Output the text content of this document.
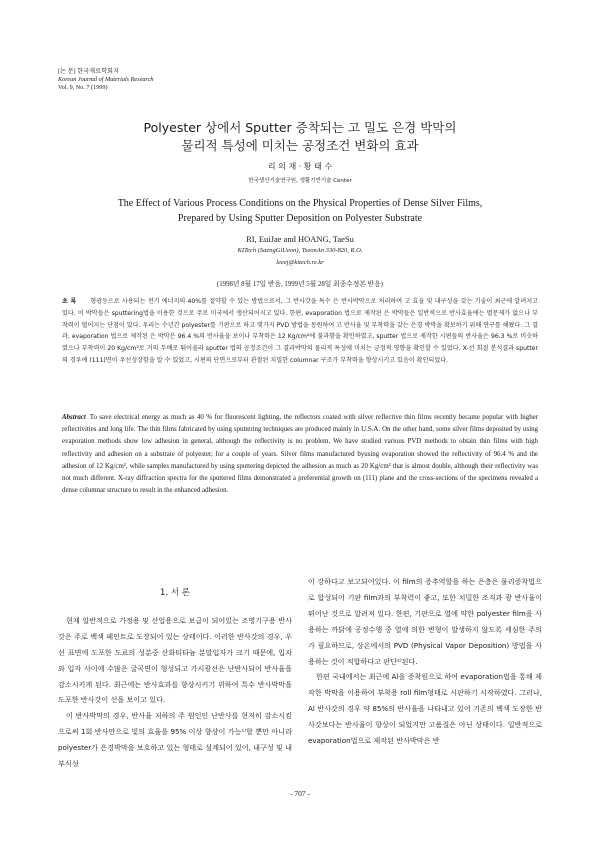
[논 문] 한국재료학회지
Korean Journal of Materials Research
Vol. 9, No. 7 (1999)
Polyester 상에서 Sputter 증착되는 고 밀도 은경 박막의
물리적 특성에 미치는 공정조건 변화의 효과
리 의 재 · 황 태 수
한국생산기술연구원, 생활기반기술 Center
The Effect of Various Process Conditions on the Physical Properties of Dense Silver Films,
Prepared by Using Sputter Deposition on Polyester Substrate
RI, EuiJae and HOANG, TaeSu
KITech (SaengGiUeon), TseonAn 330-820, R.O.
leeej@kitech.re.kr
(1998년 8월 17일 받음, 1999년 5월 28일 최종수정본 받음)
초 록 형광등으로 사용되는 전기 에너지의 40%를 절약할 수 있는 방법으로서, 그 반사갓을 특수 은 반사박막으로 처리하여 고 효율 및 내구성을 갖는 기술이 최근에 알려지고 있다. 이 박막들은 sputtering법을 이용한 것으로 주로 미국에서 생산되어지고 있다. 한편, evaporation 법으로 제작된 은 박막들은 일반적으로 반사효율에는 별문제가 없으나 부착력이 떨어지는 단점이 있다. 우리는 수년간 polyester를 기판으로 하고 몇가지 PVD 방법을 동원하여 고 반사율 및 부착력을 갖는 은경 박막을 확보하기 위해 연구를 해왔다. 그 결과, evaporation 법으로 제작된 은 박막은 96.4 %의 반사율을 보이나 부착력은 12 Kg/cm²에 불과함을 확인하였고, sputter 법으로 제작한 시편들의 반사율은 96.3 %로 비슷하였으나 부착력이 20 Kg/cm²로 거의 두배로 뛰어올라 sputter 법의 공정조건이 그 결과박막의 물리적 특성에 미치는 긍정적 영향을 확인할 수 있었다. X-선 회절 분석결과 sputter의 경우에 (111)면이 우선성장함을 알 수 있었고, 시편의 단면으로부터 관찰된 치밀한 columnar 구조가 부착력을 향상시키고 있음이 확인되었다.
Abstract To save electrical energy as much as 40 % for fluorescent lighting, the reflectors coated with silver reflective thin films recently became popular with higher reflectivities and long life. The thin films fabricated by using sputtering techniques are produced mainly in U.S.A. On the other hand, some silver films deposited by using evaporation methods show low adhesion in general, although the reflectivity is no problem. We have studied various PVD methods to obtain thin films with high reflectivity and adhesion on a substrate of polyester, for a couple of years. Silver films manufactured byusing evaporation showed the reflectivity of 96.4 % and the adhesion of 12 Kg/cm², while samples manufactured by using sputtering depicted the adhesion as much as 20 Kg/cm² that is almost double, although their reflectivity was not much different. X-ray diffraction spectra for the sputtered films demonstrated a preferential growth on (111) plane and the cross-sections of the specimens revealed a dense columnar structure to result in the enhanced adhesion.
1. 서 론

현재 일반적으로 가정용 및 산업용으로 보급이 되어있는 조명기구용 반사갓은 주로 백색 페인트로 도장되어 있는 상태이다. 이러한 반사갓의 경우, 우선 표면에 도포한 도료의 성분중 산화티타늄 분말입자가 크기 때문에, 입자와 입자 사이에 수많은 굴곡면이 형성되고 가시광선은 난반사되어 반사율을 감소시키게 된다. 최근에는 반사효과를 향상시키기 위하여 특수 반사박막을 도포한 반사갓이 선을 보이고 있다.

이 반사박막의 경우, 반사율 저하의 주 원인인 난반사를 현저히 감소시킴으로써 1회 반사만으로 빛의 효율을 95% 이상 향상이 가능¹⁾할 뿐만 아니라 polyester가 은경박막을 보호하고 있는 형태로 설계되어 있어, 내구성 및 내부식성

이 강하다고 보고되어있다. 이 film의 증추역할을 하는 은층은 물리증착법으로 합성되어 기판 film과의 부착력이 좋고, 또한 치밀한 조직과 광 반사율이 뛰어난 것으로 알려져 있다. 한편, 기판으로 열에 약한 polyester film을 사용하는 까닭에 공정수행 중 열에 의한 변형이 발생하지 않도록 세심한 주의가 필요하므로, 상온에서의 PVD (Physical Vapor Deposition) 방법을 사용하는 것이 적합하다고 판단²⁾된다.

한편 국내에서는 최근에 Al을 증착원으로 하여 evaporation법을 통해 제작한 박막을 이용하여 부착용 roll film형태로 시판하기 시작하였다. 그러나, Al 반사갓의 경우 약 85%의 반사율을 나타내고 있어 기존의 백색 도장한 반사갓보다는 반사율이 향상이 되었지만 고품질은 아닌 상태이다. 일반적으로 evaporation법으로 제작된 반사박막은 반

- 707 -
